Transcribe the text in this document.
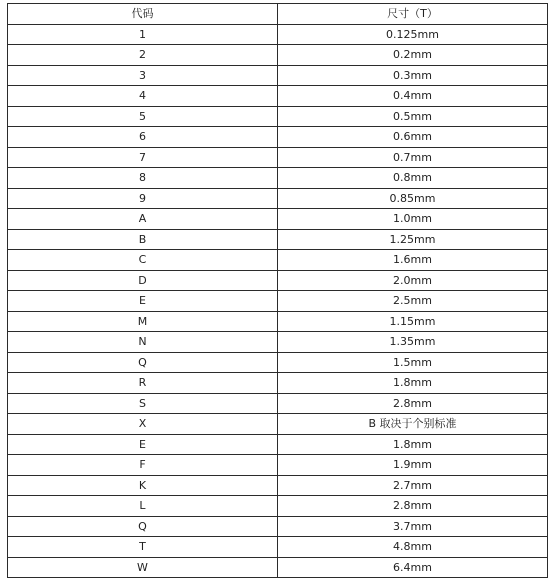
代码	尺寸（T）
1	0.125mm
2	0.2mm
3	0.3mm
4	0.4mm
5	0.5mm
6	0.6mm
7	0.7mm
8	0.8mm
9	0.85mm
A	1.0mm
B	1.25mm
C	1.6mm
D	2.0mm
E	2.5mm
M	1.15mm
N	1.35mm
Q	1.5mm
R	1.8mm
S	2.8mm
X	B 取决于个别标准
E	1.8mm
F	1.9mm
K	2.7mm
L	2.8mm
Q	3.7mm
T	4.8mm
W	6.4mm
